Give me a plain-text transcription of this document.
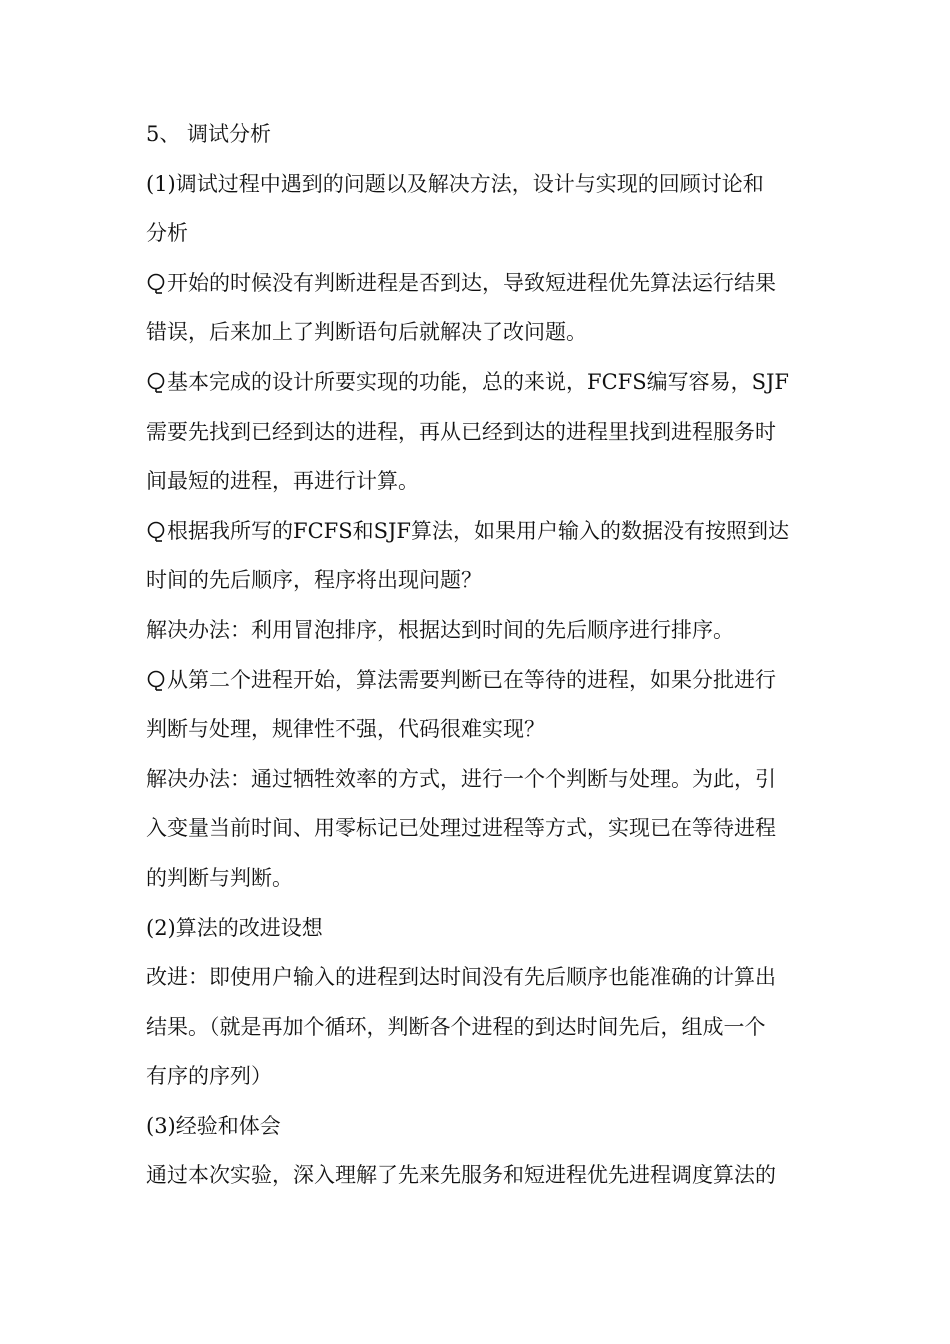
5、 调试分析
(1)调试过程中遇到的问题以及解决方法，设计与实现的回顾讨论和
分析
开始的时候没有判断进程是否到达，导致短进程优先算法运行结果
错误，后来加上了判断语句后就解决了改问题。
基本完成的设计所要实现的功能，总的来说，FCFS编写容易，SJF
需要先找到已经到达的进程，再从已经到达的进程里找到进程服务时
间最短的进程，再进行计算。
根据我所写的FCFS和SJF算法，如果用户输入的数据没有按照到达
时间的先后顺序，程序将出现问题？
解决办法：利用冒泡排序，根据达到时间的先后顺序进行排序。
从第二个进程开始，算法需要判断已在等待的进程，如果分批进行
判断与处理，规律性不强，代码很难实现？
解决办法：通过牺牲效率的方式，进行一个个判断与处理。为此，引
入变量当前时间、用零标记已处理过进程等方式，实现已在等待进程
的判断与判断。
(2)算法的改进设想
改进：即使用户输入的进程到达时间没有先后顺序也能准确的计算出
结果。（就是再加个循环，判断各个进程的到达时间先后，组成一个
有序的序列）
(3)经验和体会
通过本次实验，深入理解了先来先服务和短进程优先进程调度算法的
